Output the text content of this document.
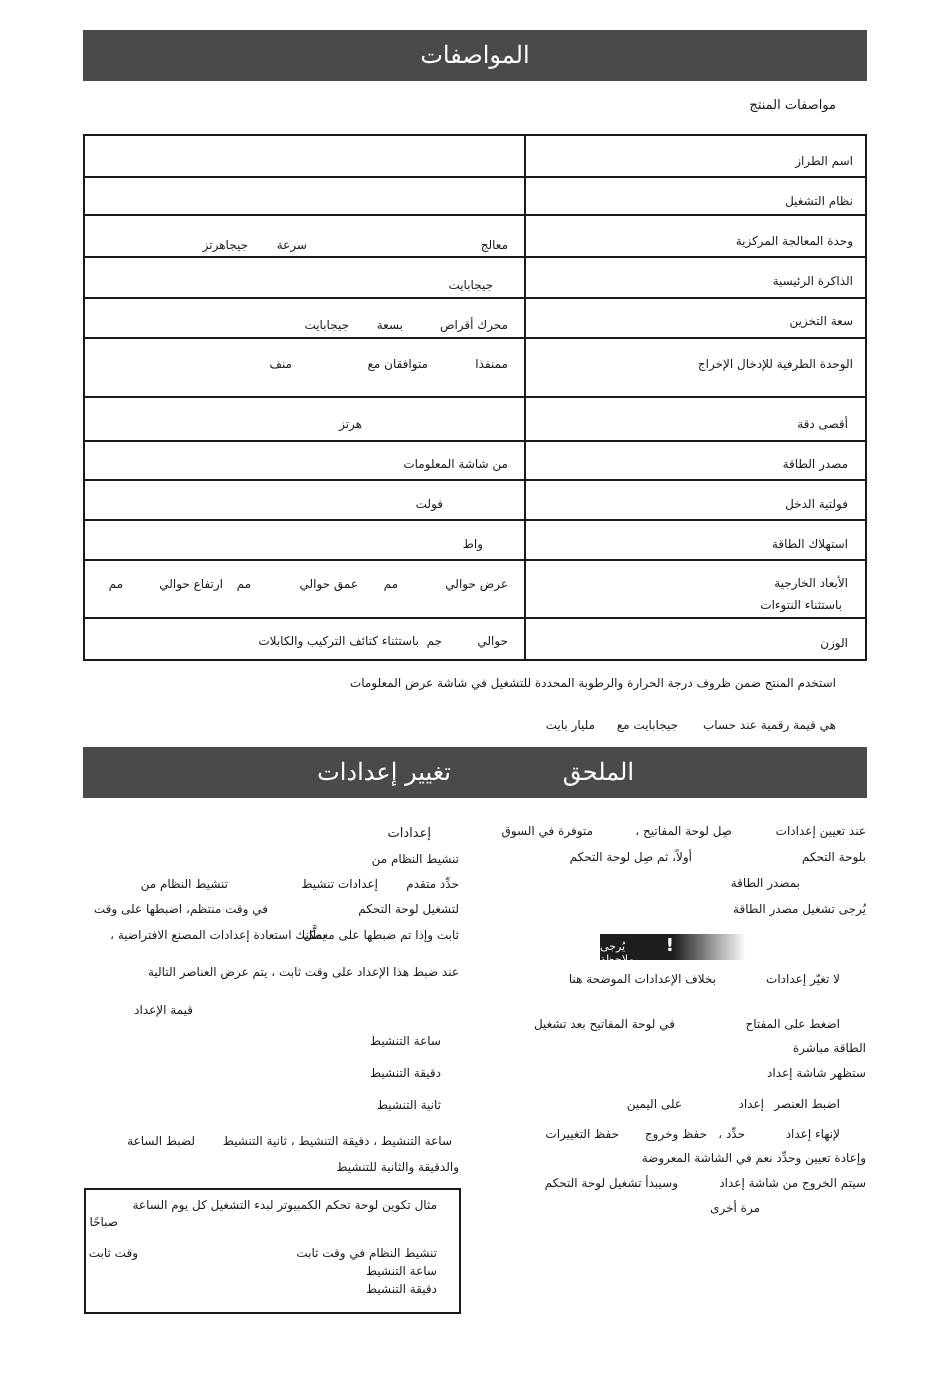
المواصفات
مواصفات المنتج
اسم الطراز
نظام التشغيل
وحدة المعالجة المركزية
الذاكرة الرئيسية
سعة التخزين
الوحدة الطرفية للإدخال الإخراج
أقصى دقة
مصدر الطاقة
فولتية الدخل
استهلاك الطاقة
الأبعاد الخارجية
باستثناء النتوءات
الوزن
معالج
سرعة
جيجاهرتز
جيجابايت
محرك أقراص
بسعة
جيجابايت
ممنفذا
متوافقان مع
منف
هرتز
من شاشة المعلومات
فولت
واط
عرض حوالي
مم
عمق حوالي
مم
ارتفاع حوالي
مم
حوالي
جم
باستثناء كتائف التركيب والكابلات
استخدم المنتج ضمن ظروف درجة الحرارة والرطوبة المحددة للتشغيل في شاشة عرض المعلومات
هي قيمة رقمية عند حساب
جيجابايت مع
مليار بايت
الملحق
تغيير إعدادات
عند تعيين إعدادات
، صِل لوحة المفاتيح
متوفرة في السوق
بلوحة التحكم
أولاً، ثم صِل لوحة التحكم
بمصدر الطاقة
يُرجى تشغيل مصدر الطاقة
يُرجى ملاحظة
!
لا تغيّر إعدادات
بخلاف الإعدادات الموضحة هنا
اضغط على المفتاح
في لوحة المفاتيح بعد تشغيل
الطاقة مباشرة
ستظهر شاشة إعداد
اضبط العنصر
إعداد
على اليمين
لإنهاء إعداد
، حدِّد
حفظ وخروج
حفظ التغييرات
وإعادة تعيين وحدِّد نعم في الشاشة المعروضة
سيتم الخروج من شاشة إعداد
وسيبدأ تشغيل لوحة التحكم
مرة أخرى
إعدادات
تنشيط النظام من
حدِّد متقدم
إعدادات تنشيط
تنشيط النظام من
لتشغيل لوحة التحكم
في وقت منتظم، اضبطها على وقت
ثابت وإذا تم ضبطها على معطَّل
، يمكنك استعادة إعدادات المصنع الافتراضية
عند ضبط هذا الإعداد على وقت ثابت ، يتم عرض العناصر التالية
قيمة الإعداد
ساعة التنشيط
دقيقة التنشيط
ثانية التنشيط
ساعة التنشيط ، دقيقة التنشيط ، ثانية التنشيط
لضبط الساعة
والدقيقة والثانية للتنشيط
مثال تكوين لوحة تحكم الكمبيوتر لبدء التشغيل كل يوم الساعة
صباحًا
تنشيط النظام في وقت ثابت
وقت ثابت
ساعة التنشيط
دقيقة التنشيط
